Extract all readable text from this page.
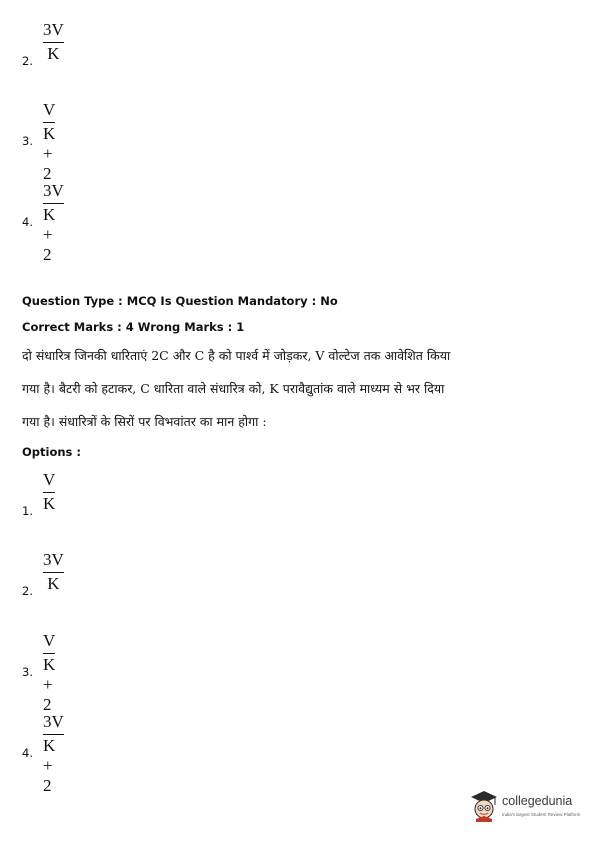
3V
K
2.
V
K + 2
3.
3V
K + 2
4.
Question Type : MCQ Is Question Mandatory : No
Correct Marks : 4 Wrong Marks : 1
दो संधारित्र जिनकी धारिताएं 2C और C है को पार्श्व में जोड़कर, V वोल्टेज तक आवेशित किया गया है। बैटरी को हटाकर, C धारिता वाले संधारित्र को, K परावैद्युतांक वाले माध्यम से भर दिया गया है। संधारित्रों के सिरों पर विभवांतर का मान होगा :
Options :
V
K
1.
3V
K
2.
V
K + 2
3.
3V
K + 2
4.
collegedunia
India's largest Student Review Platform
